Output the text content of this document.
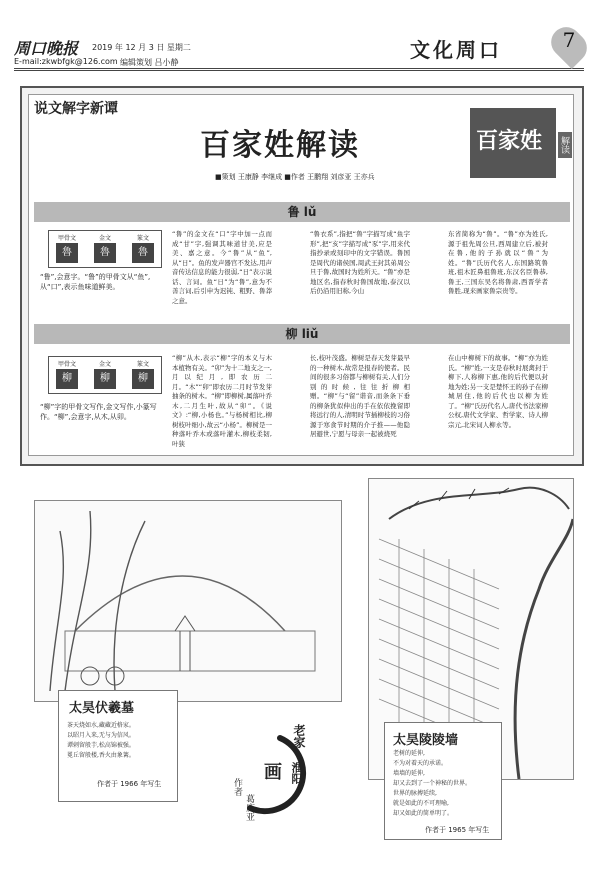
周口晚报 2019 年 12 月 3 日 星期二
E-mail:zkwbfgk@126.com 编辑策划 吕小静
文化周口	7
说文解字新谭
百家姓解读
■策划 王康静 李继成 ■作者 王鹏翔 刘彦亚 王亦兵
百家姓 解读
鲁 lǔ
甲骨文	金文	篆文
魯	魯	魯
“鲁”,会意字。“鲁”的甲骨文从“鱼”,从“口”,表示鱼味道鲜美。
“鲁”的金文在“口”字中加一点而成“甘”字,强调其味道甘美,应是美、嘉之意。今“鲁”从“鱼”,从“日”。鱼的发声器官不发达,用声音传达信息的能力很弱,“日”表示说话、言词。鱼“日”为“鲁”,意为不善言词,后引申为迟钝、粗野、鲁莽之意。
“鲁衣系”,指把“鲁”字描写成“鱼字形”,把“亥”字描写成“豕”字,用来代指抄录或刻印中的文字错误。鲁国是周代的诸侯国,周武王封其弟周公旦于鲁,故国时为姓所天。“鲁”亦是地区名,指春秋时鲁国故地,泰汉以后仍沿用旧称,今山
东省简称为“鲁”。“鲁”亦为姓氏,源于祖先周公旦,西周建立后,被封在鲁,他的子孙就以“鲁”为姓。“鲁”氏历代名人,东国路筑鲁班,祖木匠鼻祖鲁班,东汉名臣鲁恭,鲁王,三国东吴名将鲁肃,西晋学者鲁胜,现来画家鲁宗贵等。
柳 liǔ
甲骨文	金文	篆文
柳	柳	柳
“柳”字的甲骨文写作,金文写作,小篆写作。“柳”,会意字,从木,从卯。
“柳”从木,表示“柳”字的本义与木本植物有关。“卯”为十二地支之一,月以纪月,即农历二月。“木”“卯”即农历二月时节发芽抽条的树木。“柳”即柳树,属落叶乔木,二月生叶,故从“卯”。《说文》:“柳,小杨也。”与杨树相比,柳树枝叶细小,故云“小杨”。柳树是一种落叶乔木或落叶灌木,柳枝柔韧,叶狭
长,枝叶茂盛。柳树是春天发芽最早的一种树木,故常是报春的使者。民间的很多习俗都与柳树有关,人们分别的时候,往往折柳相赠。“柳”与“留”谐音,而条条下垂的柳条犹似伸出的手在依依挽留即将远行的人,清明时节插柳枝的习俗源于寒食节时期的介子推——他隐居避世,宁愿与母亲一起被烧死
在山中柳树下的故事。“柳”亦为姓氏。“柳”姓,一支是春秋时展禽封于柳下,人称柳下惠,他的后代便以封地为姓;另一支是楚怀王的孙子在柳城居住,他的后代也以柳为姓了。“柳”氏历代名人,唐代书法家柳公权,唐代文学家、哲学家、诗人柳宗元,北宋词人柳永等。
太昊伏羲墓
茶天烧如水,藏藏近格家。
以昭月入来,无与为信风。
谭刺留般芋,松高锦被强。
冕丘留般楼,香火由象篝。
作者于 1966 年写生
太昊陵陵墙
老树的延伸,
不为对着天的承诺。
墙墙的延伸,
却又去到了一个神秘的世界。
世界的脉搏延续,
就是如此的不可理喻,
却又如此的简单明了。
作者于 1965 年写生
老家
画 淮阳
作者
葛庆亚
